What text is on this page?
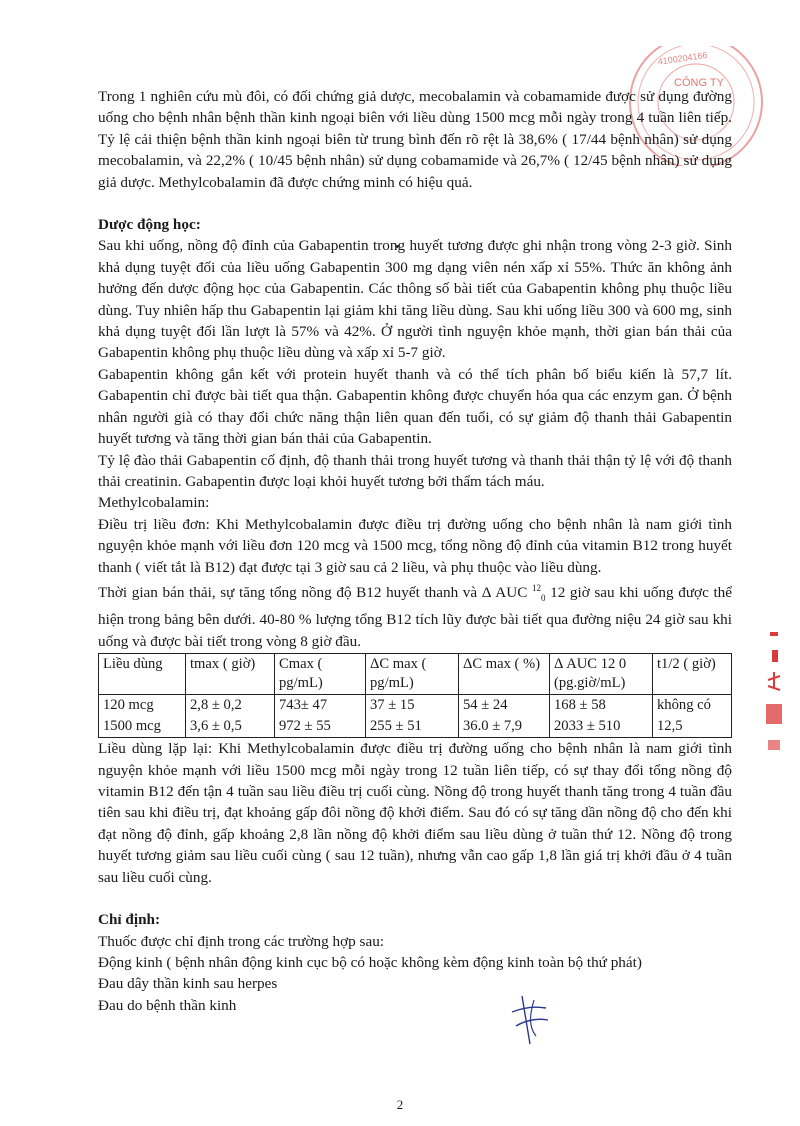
CÔNG TY
4100204166

Trong 1 nghiên cứu mù đôi, có đối chứng giả dược, mecobalamin và cobamamide được sử dụng đường uống cho bệnh nhân bệnh thần kinh ngoại biên với liều dùng 1500 mcg mỗi ngày trong 4 tuần liên tiếp. Tỷ lệ cải thiện bệnh thần kinh ngoại biên từ trung bình đến rõ rệt là 38,6% ( 17/44 bệnh nhân) sử dụng mecobalamin, và 22,2% ( 10/45 bệnh nhân) sử dụng cobamamide và 26,7% ( 12/45 bệnh nhân) sử dụng giả dược. Methylcobalamin đã được chứng minh có hiệu quả.

Dược động học:

Sau khi uống, nồng độ đỉnh của Gabapentin trong huyết tương được ghi nhận trong vòng 2-3 giờ. Sinh khả dụng tuyệt đối của liều uống Gabapentin 300 mg dạng viên nén xấp xỉ 55%. Thức ăn không ảnh hưởng đến dược động học của Gabapentin. Các thông số bài tiết của Gabapentin không phụ thuộc liều dùng. Tuy nhiên hấp thu Gabapentin lại giảm khi tăng liều dùng. Sau khi uống liều 300 và 600 mg, sinh khả dụng tuyệt đối lần lượt là 57% và 42%. Ở người tình nguyện khỏe mạnh, thời gian bán thải của Gabapentin không phụ thuộc liều dùng và xấp xỉ 5-7 giờ.

Gabapentin không gắn kết với protein huyết thanh và có thể tích phân bố biểu kiến là 57,7 lít. Gabapentin chỉ được bài tiết qua thận. Gabapentin không được chuyển hóa qua các enzym gan. Ở bệnh nhân người già có thay đổi chức năng thận liên quan đến tuổi, có sự giảm độ thanh thải Gabapentin huyết tương và tăng thời gian bán thải của Gabapentin.

Tỷ lệ đào thải Gabapentin cố định, độ thanh thải trong huyết tương và thanh thải thận tỷ lệ với độ thanh thải creatinin. Gabapentin được loại khỏi huyết tương bởi thẩm tách máu.

Methylcobalamin:

Điều trị liều đơn: Khi Methylcobalamin được điều trị đường uống cho bệnh nhân là nam giới tình nguyện khỏe mạnh với liều đơn 120 mcg và 1500 mcg, tổng nồng độ đỉnh của vitamin B12 trong huyết thanh ( viết tắt là B12) đạt được tại 3 giờ sau cả 2 liều, và phụ thuộc vào liều dùng.

Thời gian bán thải, sự tăng tổng nồng độ B12 huyết thanh và Δ AUC $^{12}_0$ 12 giờ sau khi uống được thể hiện trong bảng bên dưới. 40-80 % lượng tổng B12 tích lũy được bài tiết qua đường niệu 24 giờ sau khi uống và được bài tiết trong vòng 8 giờ đầu.

Liều dùng	tmax ( giờ)	Cmax ( pg/mL)	ΔC max ( pg/mL)	ΔC max ( %)	Δ AUC 12 0 (pg.giờ/mL)	t1/2 ( giờ)
120 mcg	2,8 ± 0,2	743± 47	37 ± 15	54 ± 24	168 ± 58	không có
1500 mcg	3,6 ± 0,5	972 ± 55	255 ± 51	36.0 ± 7,9	2033 ± 510	12,5

Liều dùng lặp lại: Khi Methylcobalamin được điều trị đường uống cho bệnh nhân là nam giới tình nguyện khỏe mạnh với liều 1500 mcg mỗi ngày trong 12 tuần liên tiếp, có sự thay đổi tổng nồng độ vitamin B12 đến tận 4 tuần sau liều điều trị cuối cùng. Nồng độ trong huyết thanh tăng trong 4 tuần đầu tiên sau khi điều trị, đạt khoảng gấp đôi nồng độ khởi điểm. Sau đó có sự tăng dần nồng độ cho đến khi đạt nồng độ đỉnh, gấp khoảng 2,8 lần nồng độ khởi điểm sau liều dùng ở tuần thứ 12. Nồng độ trong huyết tương giảm sau liều cuối cùng ( sau 12 tuần), nhưng vẫn cao gấp 1,8 lần giá trị khởi đầu ở 4 tuần sau liều cuối cùng.

Chỉ định:

Thuốc được chỉ định trong các trường hợp sau:

Động kinh ( bệnh nhân động kinh cục bộ có hoặc không kèm động kinh toàn bộ thứ phát)

Đau dây thần kinh sau herpes

Đau do bệnh thần kinh

2
